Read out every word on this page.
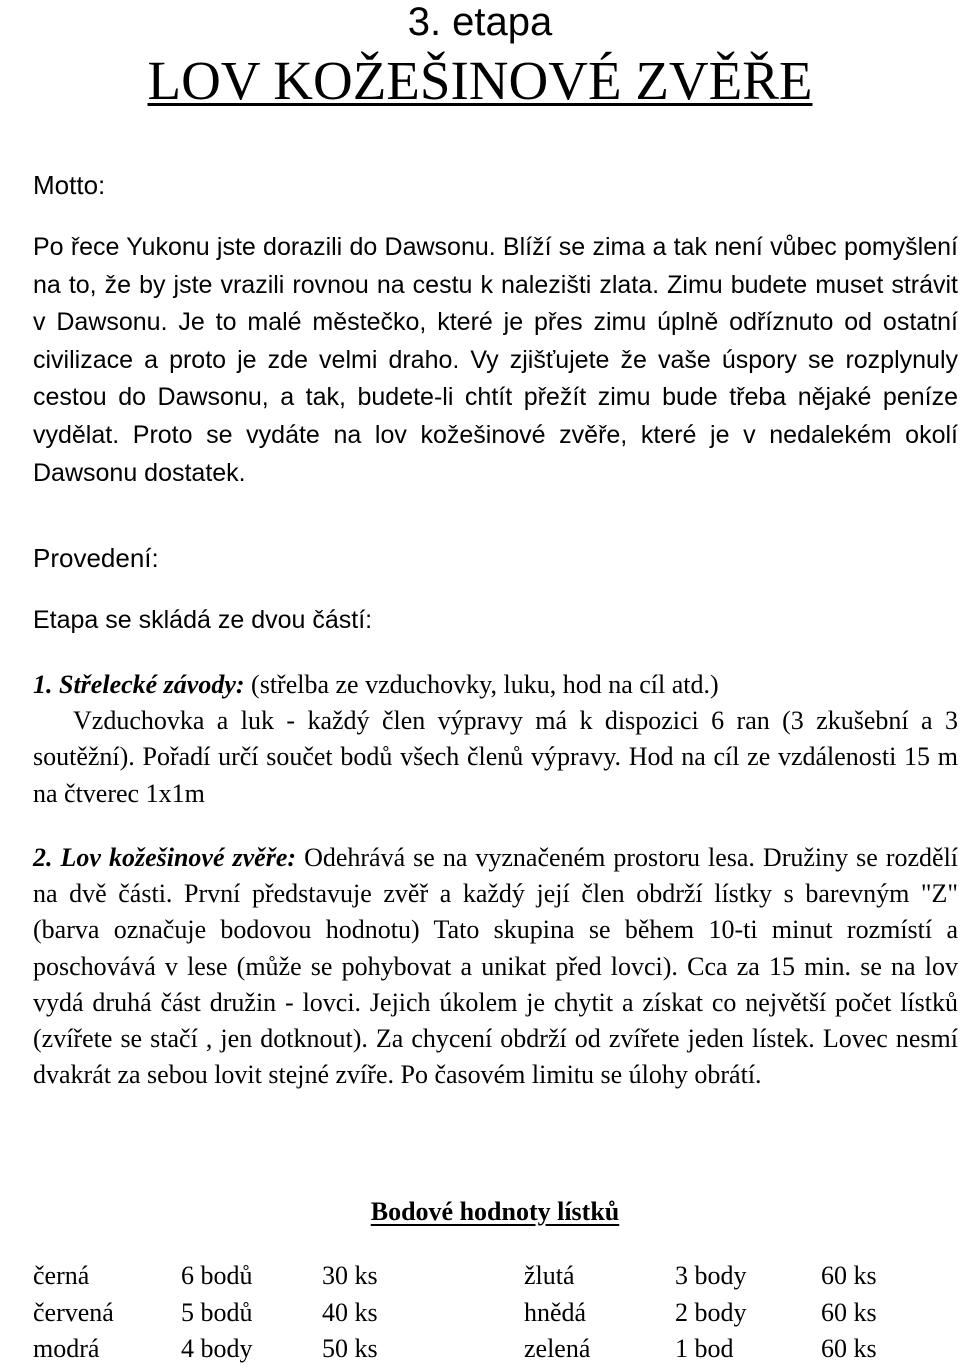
3. etapa
LOV KOŽEŠINOVÉ ZVĚŘE
Motto:
Po řece Yukonu jste dorazili do Dawsonu. Blíží se zima a tak není vůbec pomyšlení na to, že by jste vrazili rovnou na cestu k nalezišti zlata. Zimu budete muset strávit v Dawsonu. Je to malé městečko, které je přes zimu úplně odříznuto od ostatní civilizace a proto je zde velmi draho. Vy zjišťujete že vaše úspory se rozplynuly cestou do Dawsonu, a tak, budete-li chtít přežít zimu bude třeba nějaké peníze vydělat. Proto se vydáte na lov kožešinové zvěře, které je v nedalekém okolí Dawsonu dostatek.
Provedení:
Etapa se skládá ze dvou částí:
1. Střelecké závody: (střelba ze vzduchovky, luku, hod na cíl atd.)
Vzduchovka a luk - každý člen výpravy má k dispozici 6 ran (3 zkušební a 3 soutěžní). Pořadí určí součet bodů všech členů výpravy. Hod na cíl ze vzdálenosti 15 m na čtverec 1x1m
2. Lov kožešinové zvěře: Odehrává se na vyznačeném prostoru lesa. Družiny se rozdělí na dvě části. První představuje zvěř a každý její člen obdrží lístky s barevným "Z" (barva označuje bodovou hodnotu) Tato skupina se během 10-ti minut rozmístí a poschovává v lese (může se pohybovat a unikat před lovci). Cca za 15 min. se na lov vydá druhá část družin - lovci. Jejich úkolem je chytit a získat co největší počet lístků (zvířete se stačí , jen dotknout). Za chycení obdrží od zvířete jeden lístek. Lovec nesmí dvakrát za sebou lovit stejné zvíře. Po časovém limitu se úlohy obrátí.
Bodové hodnoty lístků
černá	6 bodů	30 ks	žlutá	3 body	60 ks
červená	5 bodů	40 ks	hnědá	2 body	60 ks
modrá	4 body	50 ks	zelená	1 bod	60 ks
